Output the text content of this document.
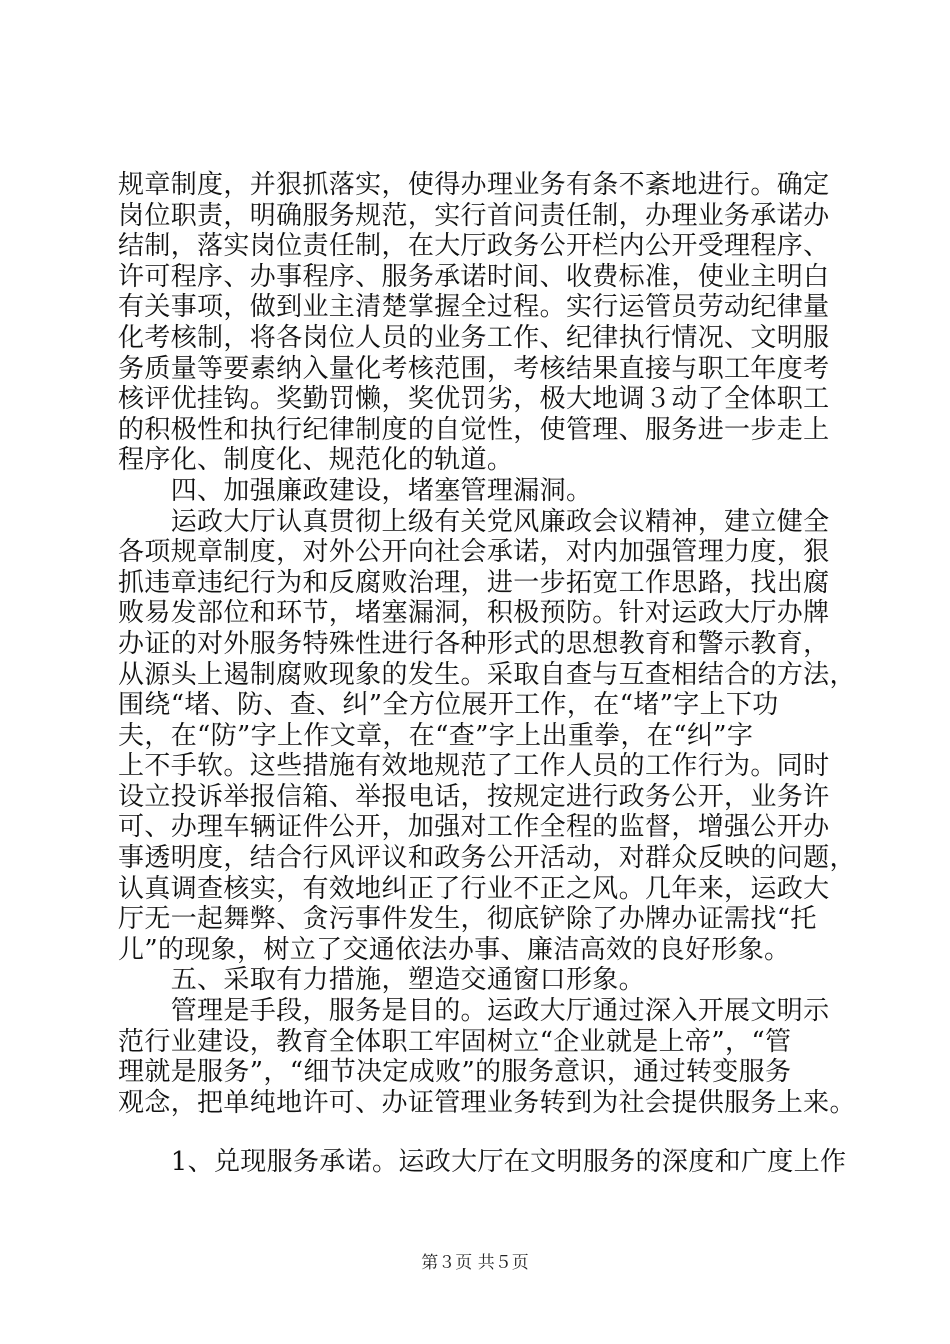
规章制度，并狠抓落实，使得办理业务有条不紊地进行。确定
岗位职责，明确服务规范，实行首问责任制，办理业务承诺办
结制，落实岗位责任制，在大厅政务公开栏内公开受理程序、
许可程序、办事程序、服务承诺时间、收费标准，使业主明白
有关事项，做到业主清楚掌握全过程。实行运管员劳动纪律量
化考核制，将各岗位人员的业务工作、纪律执行情况、文明服
务质量等要素纳入量化考核范围，考核结果直接与职工年度考
核评优挂钩。奖勤罚懒，奖优罚劣，极大地调３动了全体职工
的积极性和执行纪律制度的自觉性，使管理、服务进一步走上
程序化、制度化、规范化的轨道。
　　四、加强廉政建设，堵塞管理漏洞。
　　运政大厅认真贯彻上级有关党风廉政会议精神，建立健全
各项规章制度，对外公开向社会承诺，对内加强管理力度，狠
抓违章违纪行为和反腐败治理，进一步拓宽工作思路，找出腐
败易发部位和环节，堵塞漏洞，积极预防。针对运政大厅办牌
办证的对外服务特殊性进行各种形式的思想教育和警示教育，
从源头上遏制腐败现象的发生。采取自查与互查相结合的方法，
围绕“堵、防、查、纠”全方位展开工作，在“堵”字上下功
夫，在“防”字上作文章，在“查”字上出重拳，在“纠”字
上不手软。这些措施有效地规范了工作人员的工作行为。同时
设立投诉举报信箱、举报电话，按规定进行政务公开，业务许
可、办理车辆证件公开，加强对工作全程的监督，增强公开办
事透明度，结合行风评议和政务公开活动，对群众反映的问题，
认真调查核实，有效地纠正了行业不正之风。几年来，运政大
厅无一起舞弊、贪污事件发生，彻底铲除了办牌办证需找“托
儿”的现象，树立了交通依法办事、廉洁高效的良好形象。
　　五、采取有力措施，塑造交通窗口形象。
　　管理是手段，服务是目的。运政大厅通过深入开展文明示
范行业建设，教育全体职工牢固树立“企业就是上帝”，“管
理就是服务”，“细节决定成败”的服务意识，通过转变服务
观念，把单纯地许可、办证管理业务转到为社会提供服务上来。
　　1、兑现服务承诺。运政大厅在文明服务的深度和广度上作
第３页 共５页
